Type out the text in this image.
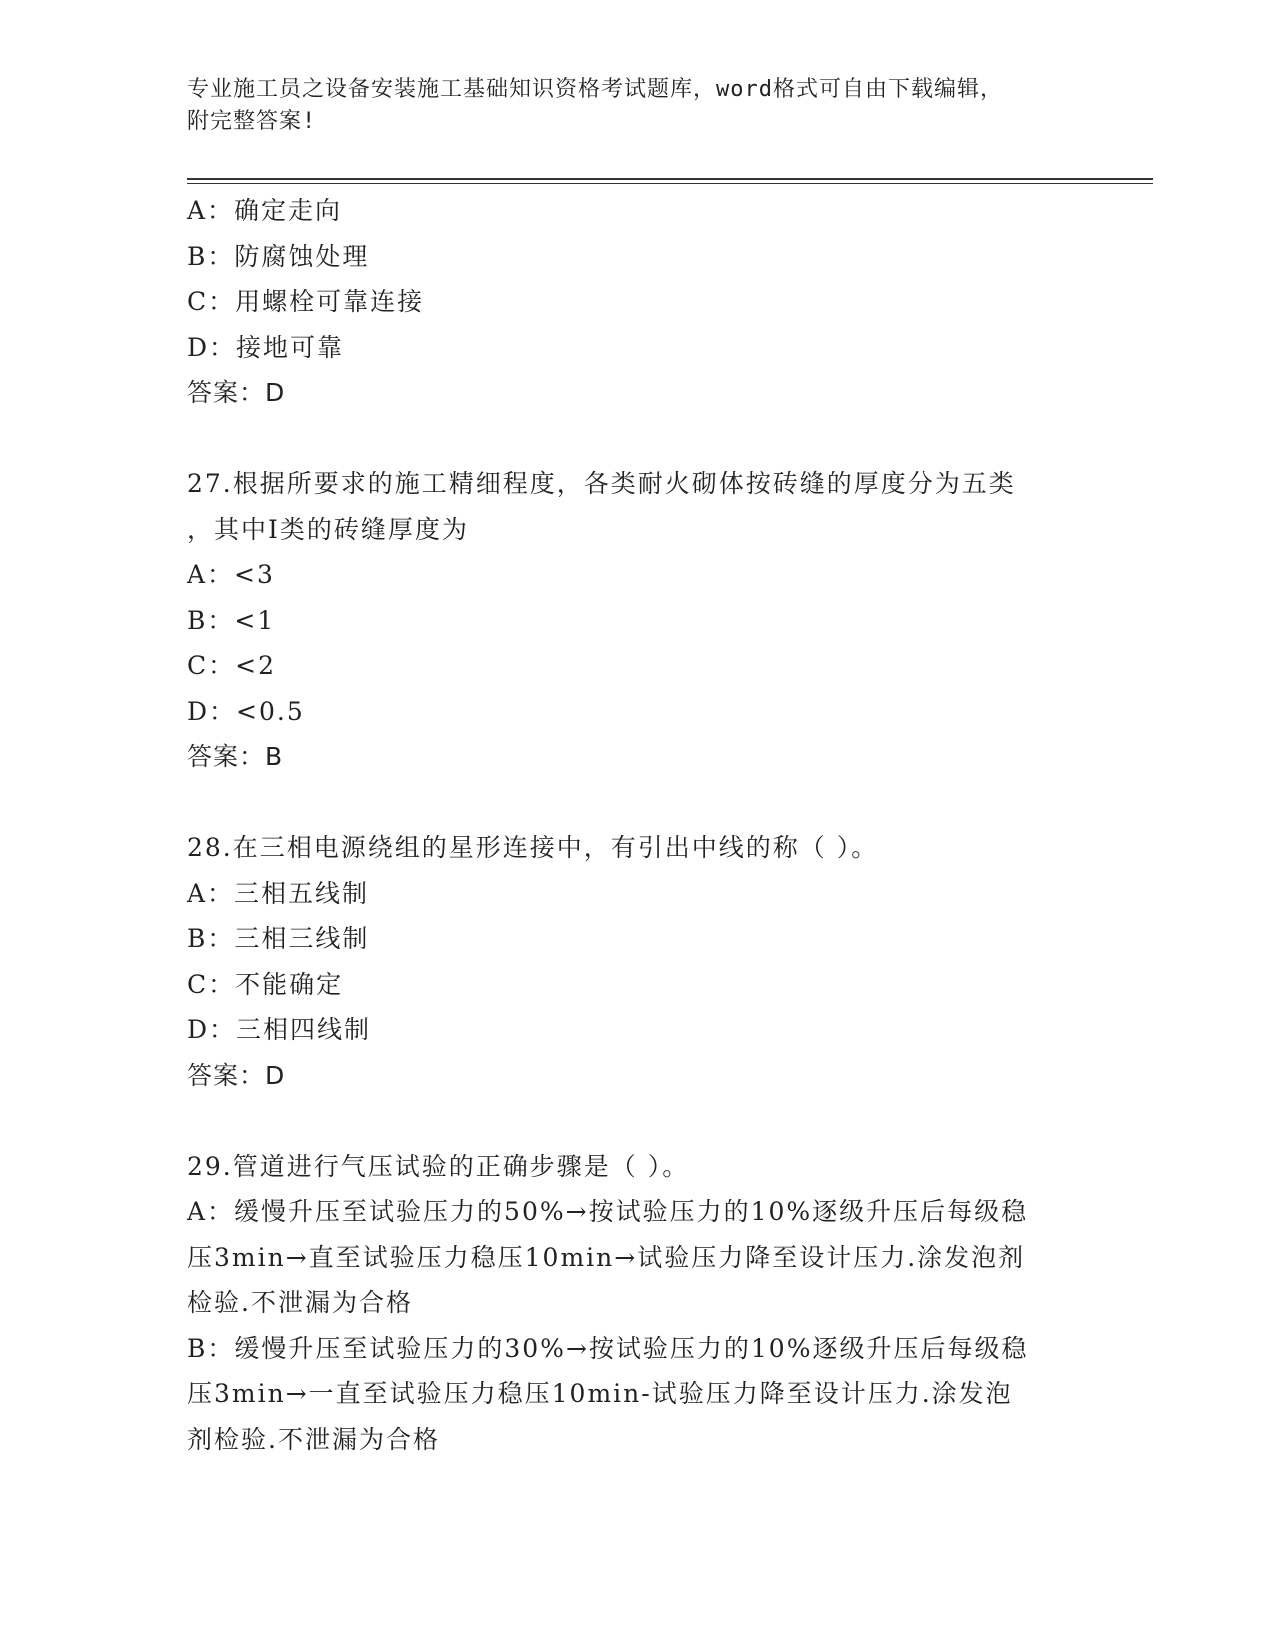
专业施工员之设备安装施工基础知识资格考试题库，word格式可自由下载编辑，
附完整答案!
A：确定走向
B：防腐蚀处理
C：用螺栓可靠连接
D：接地可靠
答案：D
27.根据所要求的施工精细程度，各类耐火砌体按砖缝的厚度分为五类
，其中Ⅰ类的砖缝厚度为
A：<3
B：<1
C：<2
D：<0.5
答案：B
28.在三相电源绕组的星形连接中，有引出中线的称（ ）。
A：三相五线制
B：三相三线制
C：不能确定
D：三相四线制
答案：D
29.管道进行气压试验的正确步骤是（ ）。
A：缓慢升压至试验压力的50%→按试验压力的10%逐级升压后每级稳
压3min→直至试验压力稳压10min→试验压力降至设计压力.涂发泡剂
检验.不泄漏为合格
B：缓慢升压至试验压力的30%→按试验压力的10%逐级升压后每级稳
压3min→一直至试验压力稳压10min-试验压力降至设计压力.涂发泡
剂检验.不泄漏为合格
